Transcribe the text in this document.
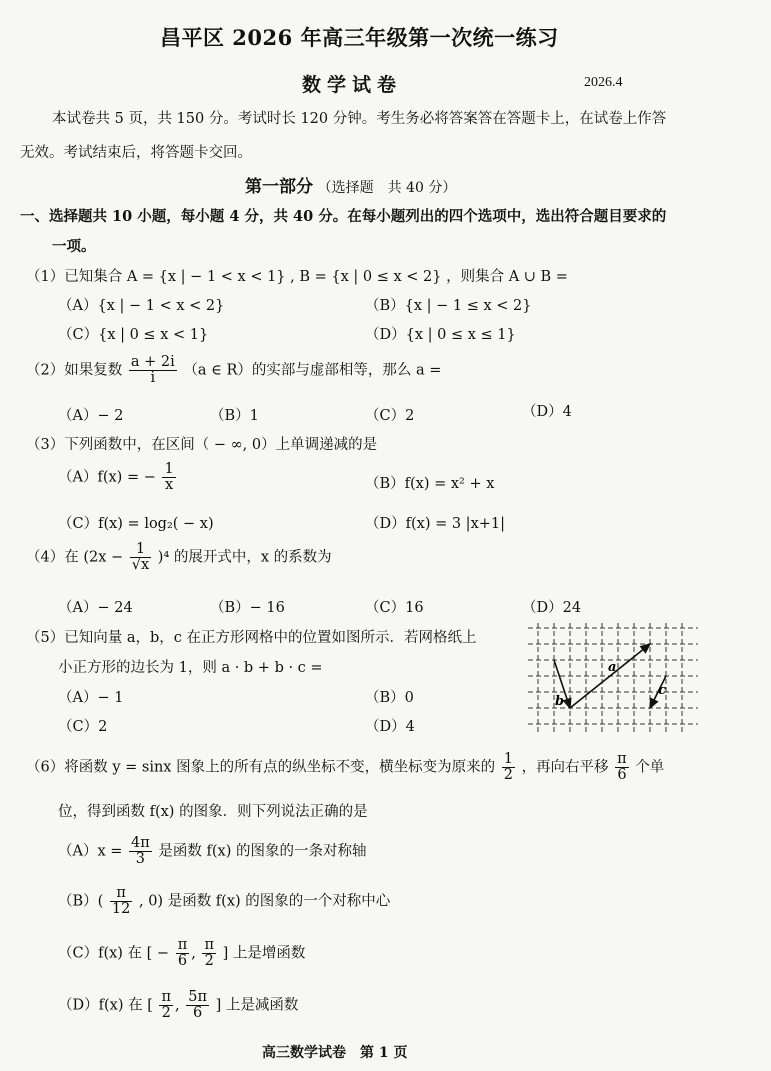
昌平区 2026 年高三年级第一次统一练习
数学试卷	2026.4
本试卷共 5 页，共 150 分。考试时长 120 分钟。考生务必将答案答在答题卡上，在试卷上作答
无效。考试结束后，将答题卡交回。
第一部分 （选择题　共 40 分）
一、选择题共 10 小题，每小题 4 分，共 40 分。在每小题列出的四个选项中，选出符合题目要求的
一项。
（1）已知集合 A = {x | − 1 < x < 1} , B = {x | 0 ≤ x < 2} ，则集合 A ∪ B =
（A）{x | − 1 < x < 2}	（B）{x | − 1 ≤ x < 2}
（C）{x | 0 ≤ x < 1}	（D）{x | 0 ≤ x ≤ 1}
（2）如果复数 $\frac{a + 2i}{i} (a$ ∈ R）的实部与虚部相等，那么 a =
（A）− 2	（B）1	（C）2	（D）4
（3）下列函数中，在区间（ − ∞, 0）上单调递减的是
（A）f(x) = − $\frac{1}{x}$	（B）f(x) = x² + x
（C）f(x) = log₂( − x)	（D）f(x) = 3 |x+1|
（4）在 $(2x - \frac{1}{√x} )^4$ 的展开式中，x 的系数为
（A）− 24	（B）− 16	（C）16	（D）24
（5）已知向量 a，b，c 在正方形网格中的位置如图所示．若网格纸上
小正方形的边长为 1，则 a · b + b · c =
（A）− 1	（B）0
（C）2	（D）4
a
b
c
（6）将函数 y = sinx 图象上的所有点的纵坐标不变，横坐标变为原来的 $\frac{1}{2}$ ，再向右平移 $\frac{\pi}{6}$ 个单
位，得到函数 f(x) 的图象．则下列说法正确的是
$(A)x = \frac{4\pi}{3}$ 是函数 f(x) 的图象的一条对称轴
$(B)( \frac{\pi}{12}$ , 0) 是函数 f(x) 的图象的一个对称中心
（C）f(x) 在 [ − $\frac{\pi}{6}$ , $\frac{\pi}{2}$ ] 上是增函数
（D）f(x) 在 [ $\frac{\pi}{2}$ , $\frac{5\pi}{6}$ ] 上是减函数
高三数学试卷　第 1 页
